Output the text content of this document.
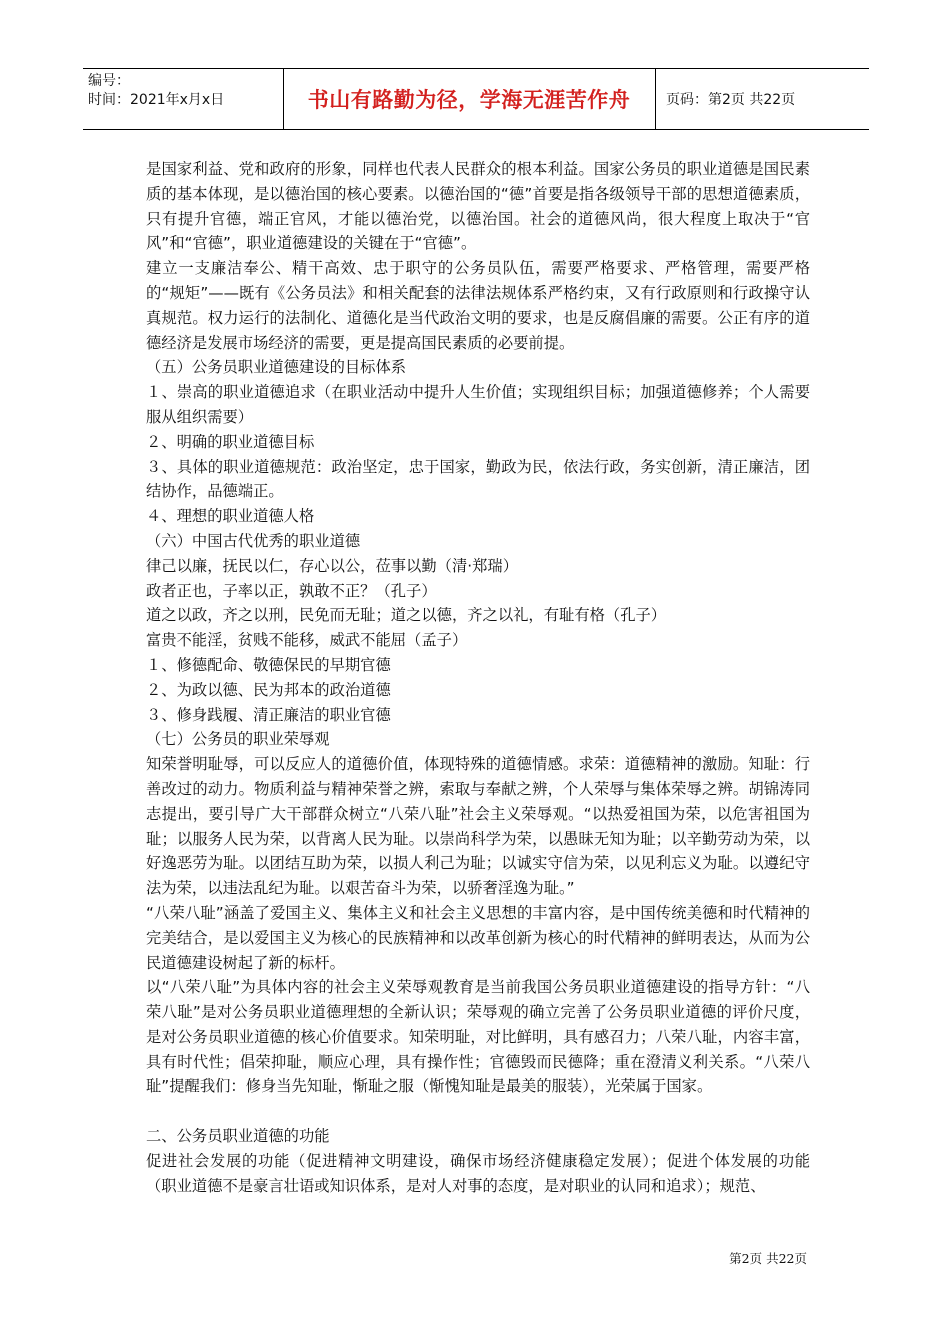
编号：
时间：2021年x月x日	书山有路勤为径，学海无涯苦作舟	页码：第2页 共22页

是国家利益、党和政府的形象，同样也代表人民群众的根本利益。国家公务员的职业道德是国民素质的基本体现，是以德治国的核心要素。以德治国的“德”首要是指各级领导干部的思想道德素质，只有提升官德，端正官风，才能以德治党，以德治国。社会的道德风尚，很大程度上取决于“官风”和“官德”，职业道德建设的关键在于“官德”。

建立一支廉洁奉公、精干高效、忠于职守的公务员队伍，需要严格要求、严格管理，需要严格的“规矩”——既有《公务员法》和相关配套的法律法规体系严格约束，又有行政原则和行政操守认真规范。权力运行的法制化、道德化是当代政治文明的要求，也是反腐倡廉的需要。公正有序的道德经济是发展市场经济的需要，更是提高国民素质的必要前提。

（五）公务员职业道德建设的目标体系

１、崇高的职业道德追求（在职业活动中提升人生价值；实现组织目标；加强道德修养；个人需要服从组织需要）

２、明确的职业道德目标

３、具体的职业道德规范：政治坚定，忠于国家，勤政为民，依法行政，务实创新，清正廉洁，团结协作，品德端正。

４、理想的职业道德人格

（六）中国古代优秀的职业道德

律己以廉，抚民以仁，存心以公，莅事以勤（清·郑瑞）

政者正也，子率以正，孰敢不正？（孔子）

道之以政，齐之以刑，民免而无耻；道之以德，齐之以礼，有耻有格（孔子）

富贵不能淫，贫贱不能移，威武不能屈（孟子）

１、修德配命、敬德保民的早期官德

２、为政以德、民为邦本的政治道德

３、修身践履、清正廉洁的职业官德

（七）公务员的职业荣辱观

知荣誉明耻辱，可以反应人的道德价值，体现特殊的道德情感。求荣：道德精神的激励。知耻：行善改过的动力。物质利益与精神荣誉之辨，索取与奉献之辨，个人荣辱与集体荣辱之辨。胡锦涛同志提出，要引导广大干部群众树立“八荣八耻”社会主义荣辱观。“以热爱祖国为荣，以危害祖国为耻；以服务人民为荣，以背离人民为耻。以崇尚科学为荣，以愚昧无知为耻；以辛勤劳动为荣，以好逸恶劳为耻。以团结互助为荣，以损人利己为耻；以诚实守信为荣，以见利忘义为耻。以遵纪守法为荣，以违法乱纪为耻。以艰苦奋斗为荣，以骄奢淫逸为耻。”

“八荣八耻”涵盖了爱国主义、集体主义和社会主义思想的丰富内容，是中国传统美德和时代精神的完美结合，是以爱国主义为核心的民族精神和以改革创新为核心的时代精神的鲜明表达，从而为公民道德建设树起了新的标杆。

以“八荣八耻”为具体内容的社会主义荣辱观教育是当前我国公务员职业道德建设的指导方针：“八荣八耻”是对公务员职业道德理想的全新认识；荣辱观的确立完善了公务员职业道德的评价尺度，是对公务员职业道德的核心价值要求。知荣明耻，对比鲜明，具有感召力；八荣八耻，内容丰富，具有时代性；倡荣抑耻，顺应心理，具有操作性；官德毁而民德降；重在澄清义利关系。“八荣八耻”提醒我们：修身当先知耻，惭耻之服（惭愧知耻是最美的服装），光荣属于国家。

二、公务员职业道德的功能

促进社会发展的功能（促进精神文明建设，确保市场经济健康稳定发展）；促进个体发展的功能（职业道德不是豪言壮语或知识体系，是对人对事的态度，是对职业的认同和追求）；规范、

第2页 共22页
